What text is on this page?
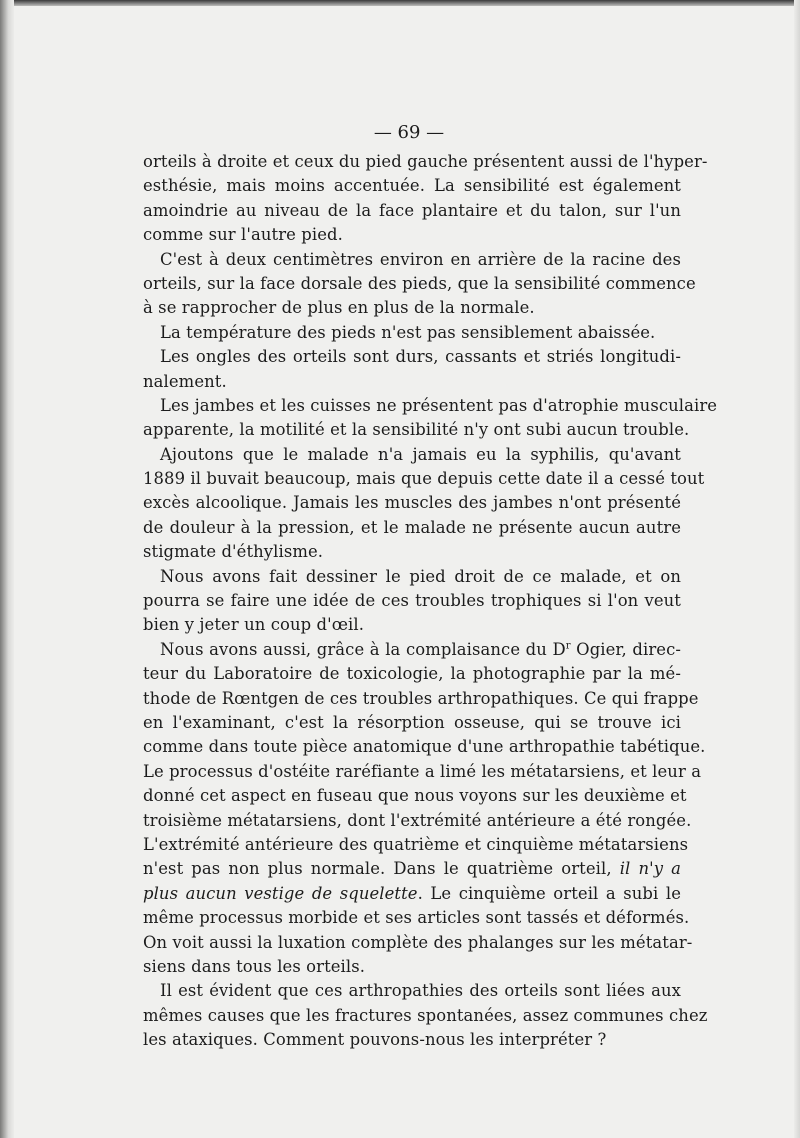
— 69 —
orteils à droite et ceux du pied gauche présentent aussi de l'hyper-
esthésie, mais moins accentuée. La sensibilité est également
amoindrie au niveau de la face plantaire et du talon, sur l'un
comme sur l'autre pied.
C'est à deux centimètres environ en arrière de la racine des
orteils, sur la face dorsale des pieds, que la sensibilité commence
à se rapprocher de plus en plus de la normale.
La température des pieds n'est pas sensiblement abaissée.
Les ongles des orteils sont durs, cassants et striés longitudi-
nalement.
Les jambes et les cuisses ne présentent pas d'atrophie musculaire
apparente, la motilité et la sensibilité n'y ont subi aucun trouble.
Ajoutons que le malade n'a jamais eu la syphilis, qu'avant
1889 il buvait beaucoup, mais que depuis cette date il a cessé tout
excès alcoolique. Jamais les muscles des jambes n'ont présenté
de douleur à la pression, et le malade ne présente aucun autre
stigmate d'éthylisme.
Nous avons fait dessiner le pied droit de ce malade, et on
pourra se faire une idée de ces troubles trophiques si l'on veut
bien y jeter un coup d'œil.
Nous avons aussi, grâce à la complaisance du $D^r$ Ogier, direc-
teur du Laboratoire de toxicologie, la photographie par la mé-
thode de Rœntgen de ces troubles arthropathiques. Ce qui frappe
en l'examinant, c'est la résorption osseuse, qui se trouve ici
comme dans toute pièce anatomique d'une arthropathie tabétique.
Le processus d'ostéite raréfiante a limé les métatarsiens, et leur a
donné cet aspect en fuseau que nous voyons sur les deuxième et
troisième métatarsiens, dont l'extrémité antérieure a été rongée.
L'extrémité antérieure des quatrième et cinquième métatarsiens
n'est pas non plus normale. Dans le quatrième orteil, il n'y a
plus aucun vestige de squelette. Le cinquième orteil a subi le
même processus morbide et ses articles sont tassés et déformés.
On voit aussi la luxation complète des phalanges sur les métatar-
siens dans tous les orteils.
Il est évident que ces arthropathies des orteils sont liées aux
mêmes causes que les fractures spontanées, assez communes chez
les ataxiques. Comment pouvons-nous les interpréter ?
